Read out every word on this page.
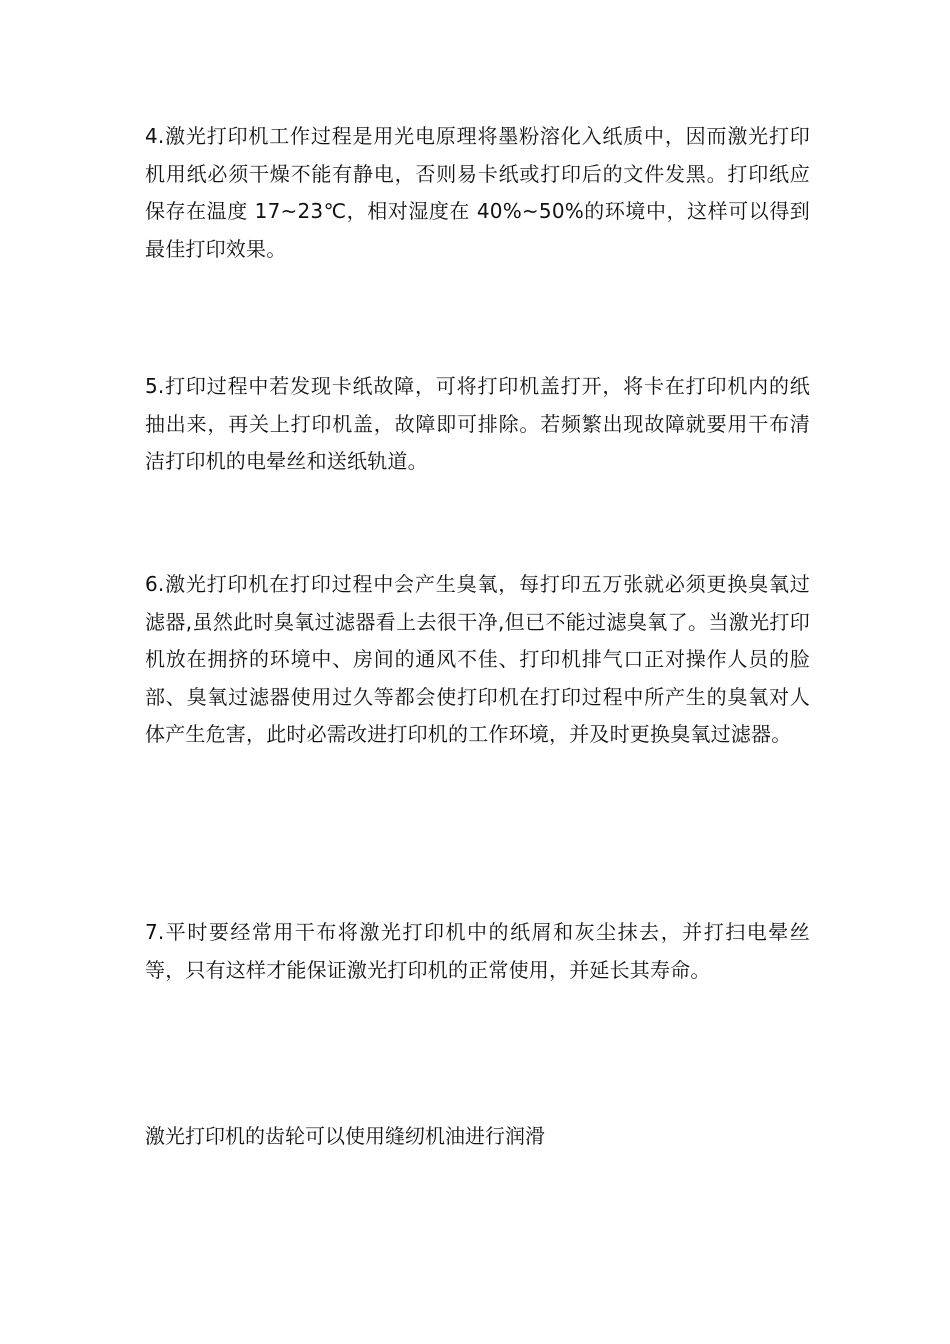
4.激光打印机工作过程是用光电原理将墨粉溶化入纸质中，因而激光打印机用纸必须干燥不能有静电，否则易卡纸或打印后的文件发黑。打印纸应保存在温度 17~23℃，相对湿度在 40%~50%的环境中，这样可以得到最佳打印效果。

5.打印过程中若发现卡纸故障，可将打印机盖打开，将卡在打印机内的纸抽出来，再关上打印机盖，故障即可排除。若频繁出现故障就要用干布清洁打印机的电晕丝和送纸轨道。

6.激光打印机在打印过程中会产生臭氧，每打印五万张就必须更换臭氧过滤器,虽然此时臭氧过滤器看上去很干净,但已不能过滤臭氧了。当激光打印机放在拥挤的环境中、房间的通风不佳、打印机排气口正对操作人员的脸部、臭氧过滤器使用过久等都会使打印机在打印过程中所产生的臭氧对人体产生危害，此时必需改进打印机的工作环境，并及时更换臭氧过滤器。

7.平时要经常用干布将激光打印机中的纸屑和灰尘抹去，并打扫电晕丝等，只有这样才能保证激光打印机的正常使用，并延长其寿命。

激光打印机的齿轮可以使用缝纫机油进行润滑
